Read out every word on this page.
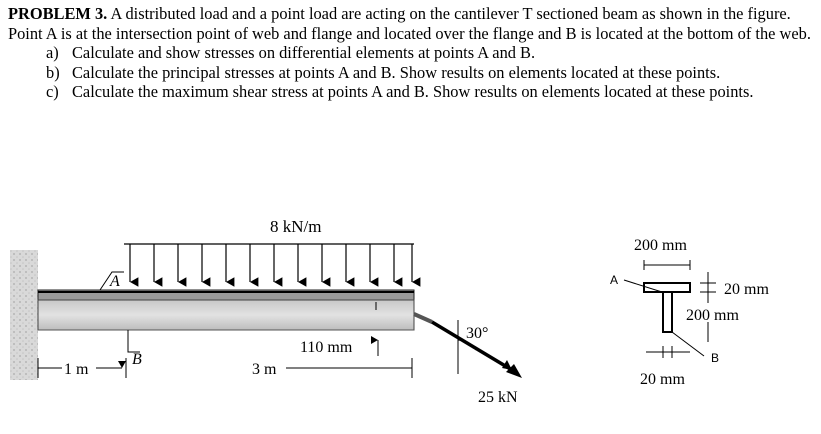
PROBLEM 3. A distributed load and a point load are acting on the cantilever T sectioned beam as shown in the figure. Point A is at the intersection point of web and flange and located over the flange and B is located at the bottom of the web.

a) Calculate and show stresses on differential elements at points A and B.
b) Calculate the principal stresses at points A and B. Show results on elements located at these points.
c) Calculate the maximum shear stress at points A and B. Show results on elements located at these points.
8 kN/m
A
B
110 mm
1 m	3 m
30°
25 kN
200 mm
20 mm
200 mm
20 mm
A
B
